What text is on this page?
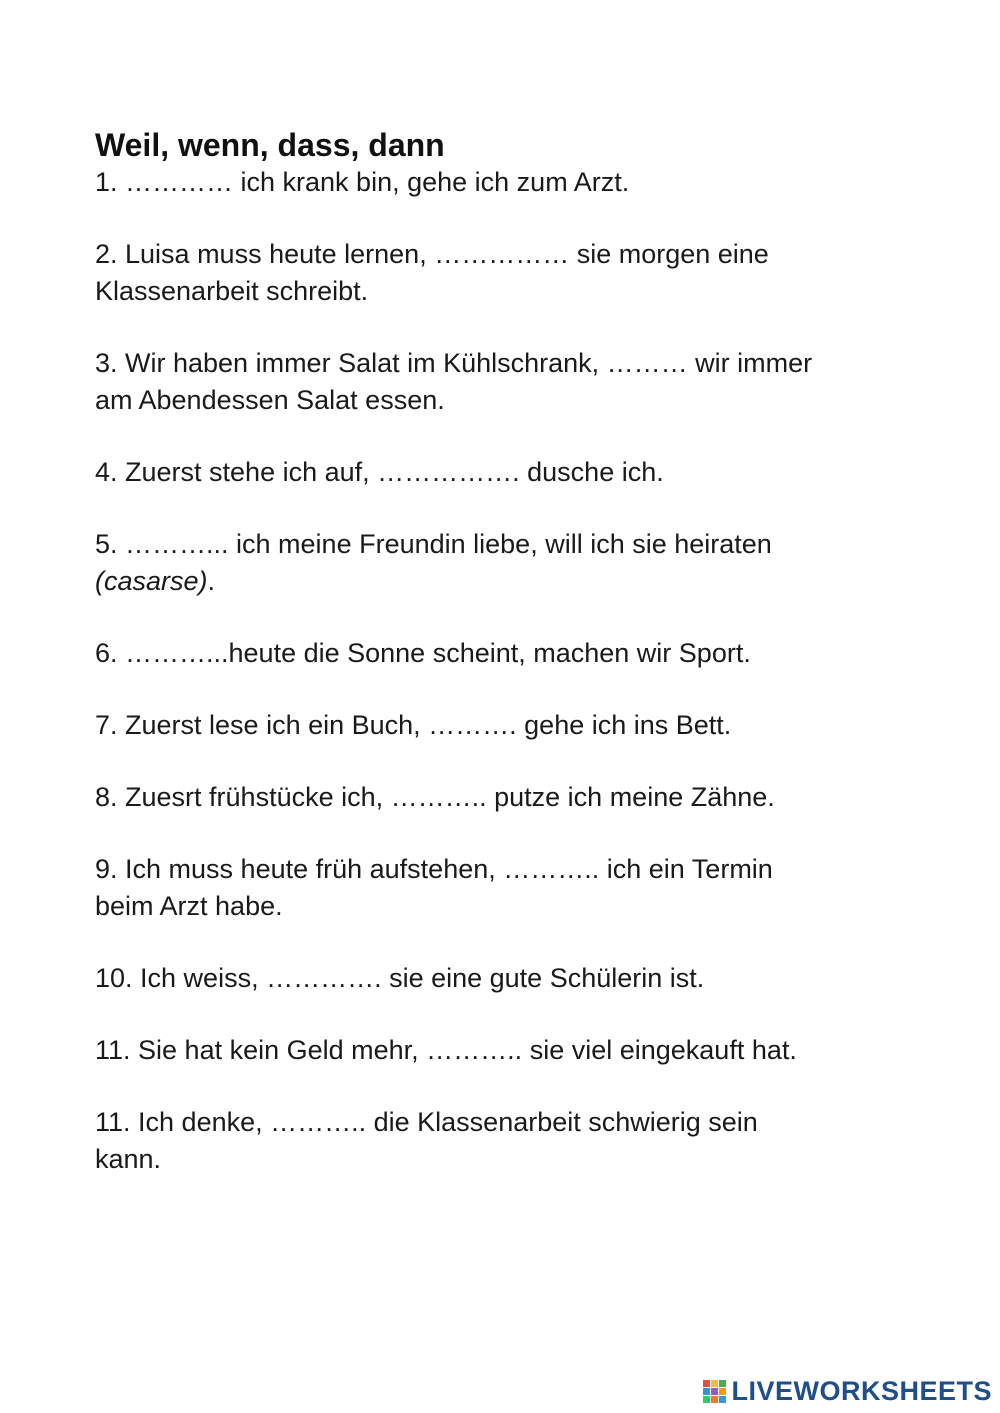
Weil, wenn, dass, dann

1. ………… ich krank bin, gehe ich zum Arzt.

2. Luisa muss heute lernen, …………… sie morgen eine

Klassenarbeit schreibt.

3. Wir haben immer Salat im Kühlschrank, ……… wir immer

am Abendessen Salat essen.

4. Zuerst stehe ich auf, ……………. dusche ich.

5. ………... ich meine Freundin liebe, will ich sie heiraten

(casarse).

6. ………...heute die Sonne scheint, machen wir Sport.

7. Zuerst lese ich ein Buch, ………. gehe ich ins Bett.

8. Zuesrt frühstücke ich, ……….. putze ich meine Zähne.

9. Ich muss heute früh aufstehen, ……….. ich ein Termin

beim Arzt habe.

10. Ich weiss, …………. sie eine gute Schülerin ist.

11. Sie hat kein Geld mehr, ……….. sie viel eingekauft hat.

11. Ich denke, ……….. die Klassenarbeit schwierig sein

kann.

LIVEWORKSHEETS
